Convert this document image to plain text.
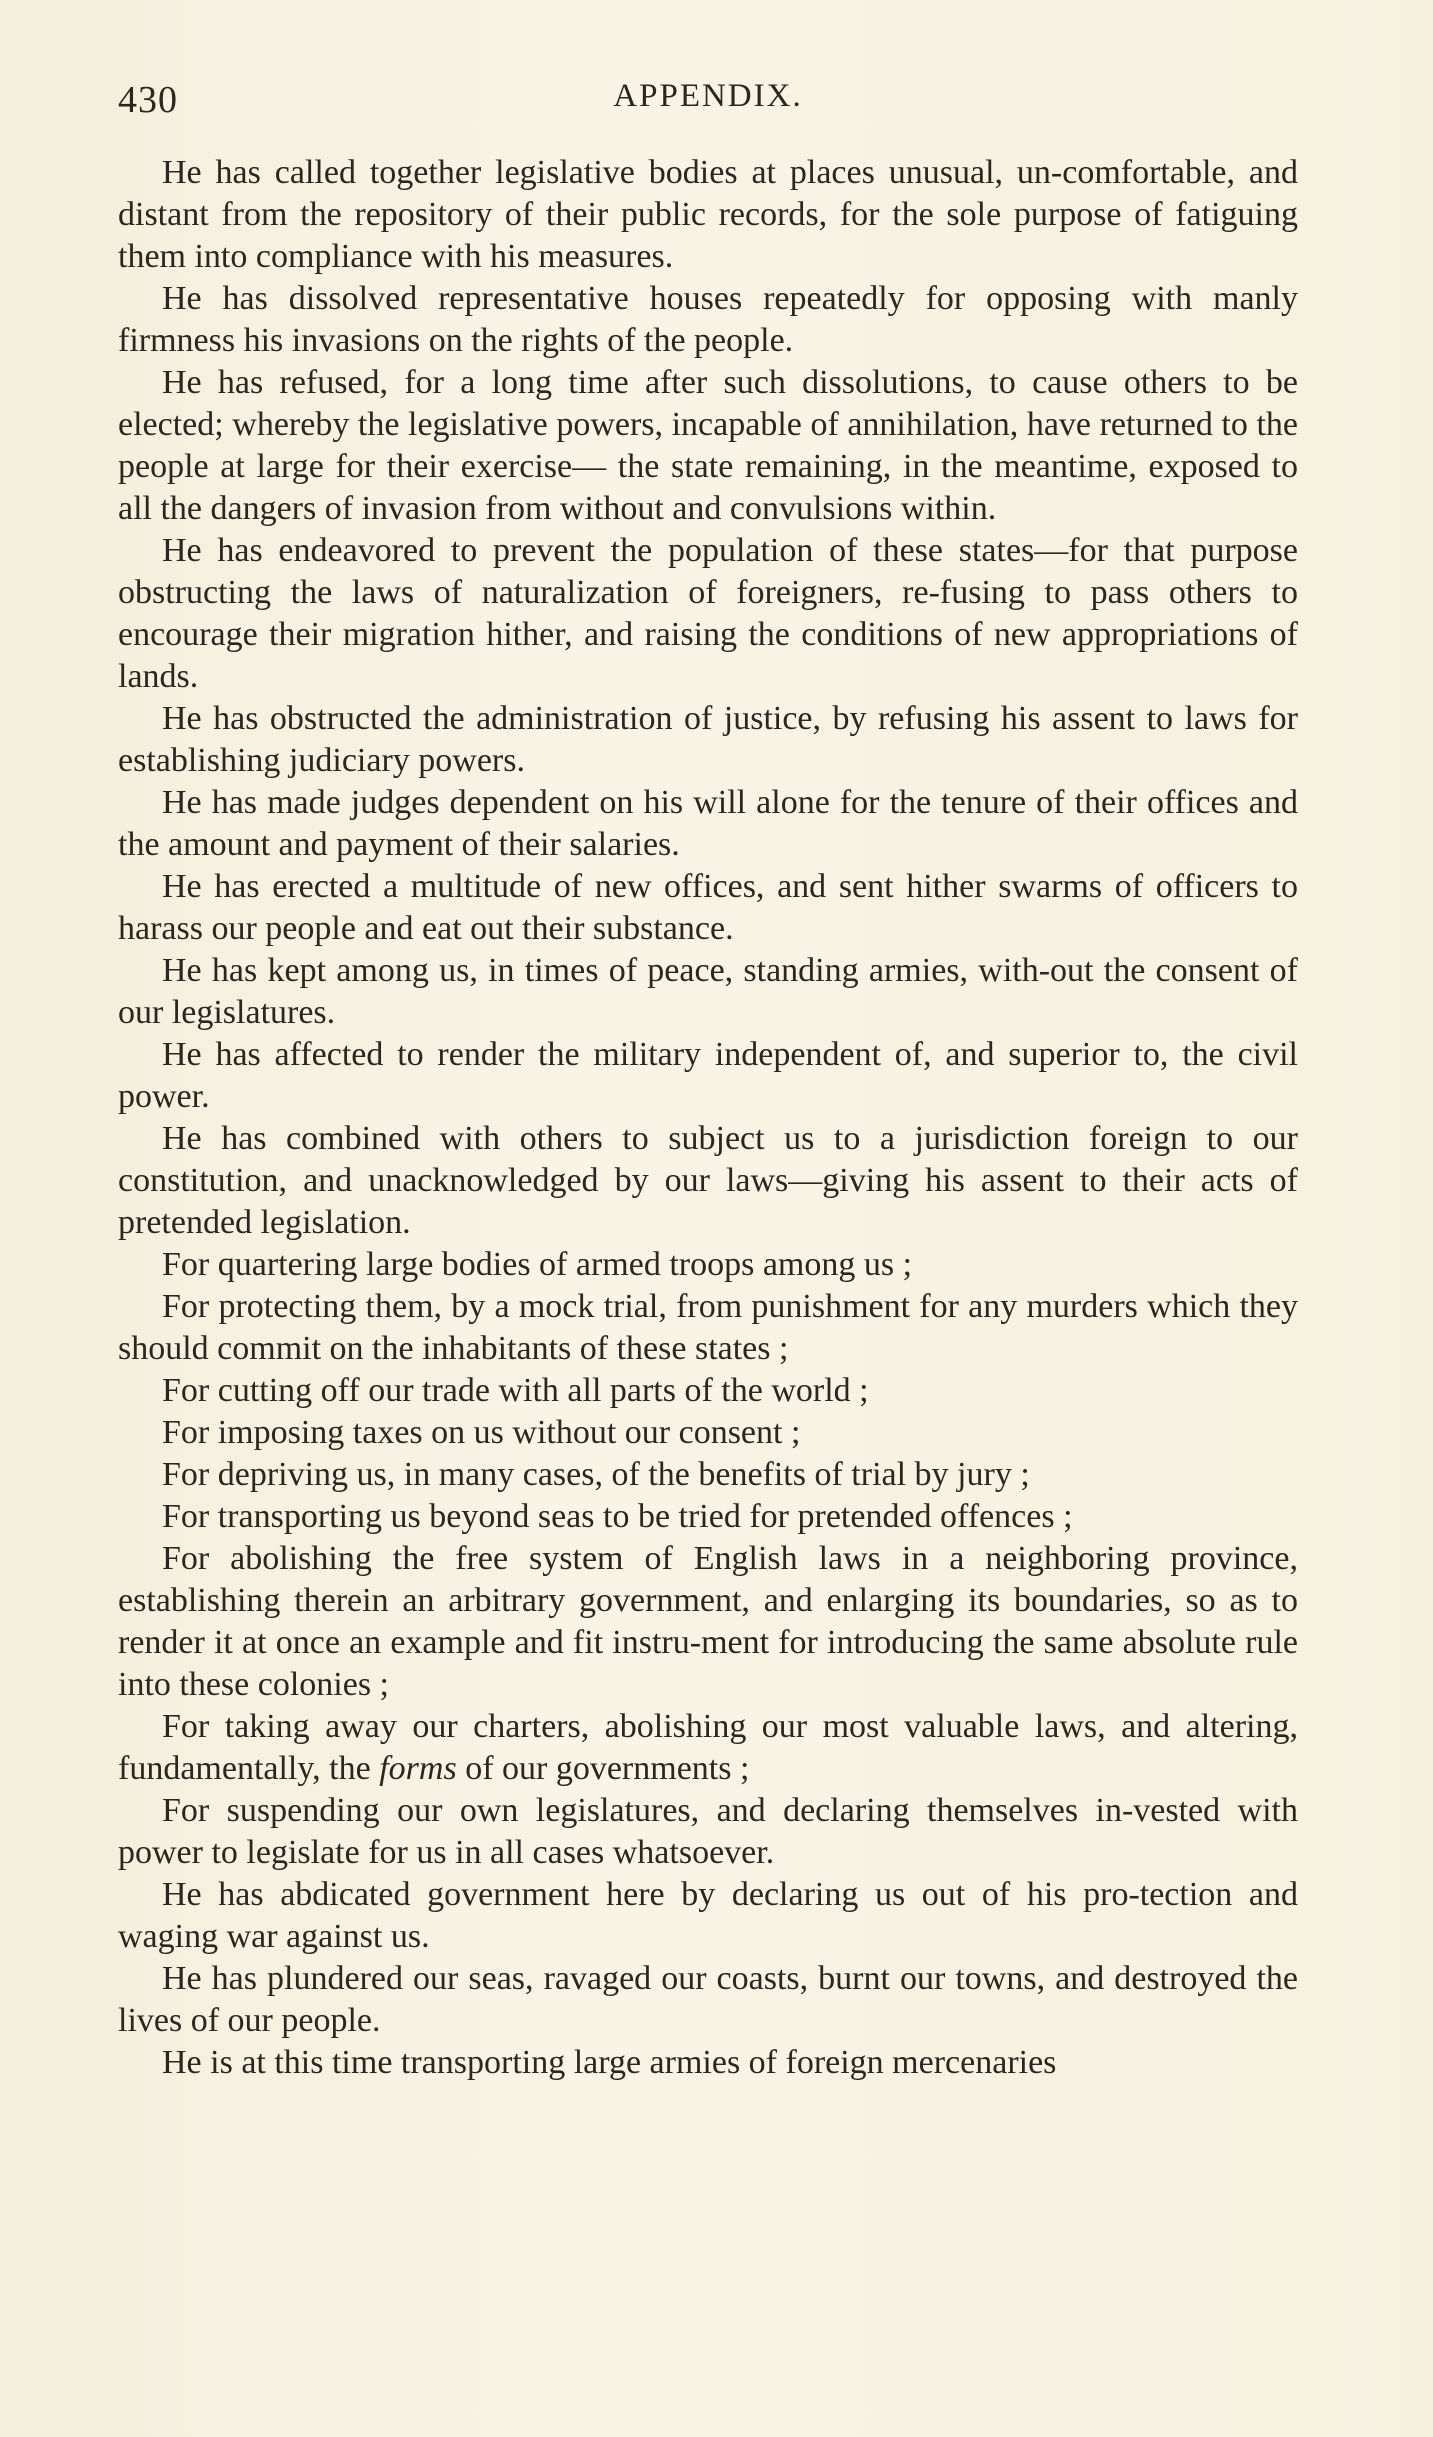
430	APPENDIX.

He has called together legislative bodies at places unusual, un-comfortable, and distant from the repository of their public records, for the sole purpose of fatiguing them into compliance with his measures.

He has dissolved representative houses repeatedly for opposing with manly firmness his invasions on the rights of the people.

He has refused, for a long time after such dissolutions, to cause others to be elected; whereby the legislative powers, incapable of annihilation, have returned to the people at large for their exercise— the state remaining, in the meantime, exposed to all the dangers of invasion from without and convulsions within.

He has endeavored to prevent the population of these states—for that purpose obstructing the laws of naturalization of foreigners, re-fusing to pass others to encourage their migration hither, and raising the conditions of new appropriations of lands.

He has obstructed the administration of justice, by refusing his assent to laws for establishing judiciary powers.

He has made judges dependent on his will alone for the tenure of their offices and the amount and payment of their salaries.

He has erected a multitude of new offices, and sent hither swarms of officers to harass our people and eat out their substance.

He has kept among us, in times of peace, standing armies, with-out the consent of our legislatures.

He has affected to render the military independent of, and superior to, the civil power.

He has combined with others to subject us to a jurisdiction foreign to our constitution, and unacknowledged by our laws—giving his assent to their acts of pretended legislation.

For quartering large bodies of armed troops among us ;

For protecting them, by a mock trial, from punishment for any murders which they should commit on the inhabitants of these states ;

For cutting off our trade with all parts of the world ;

For imposing taxes on us without our consent ;

For depriving us, in many cases, of the benefits of trial by jury ;

For transporting us beyond seas to be tried for pretended offences ;

For abolishing the free system of English laws in a neighboring province, establishing therein an arbitrary government, and enlarging its boundaries, so as to render it at once an example and fit instru-ment for introducing the same absolute rule into these colonies ;

For taking away our charters, abolishing our most valuable laws, and altering, fundamentally, the forms of our governments ;

For suspending our own legislatures, and declaring themselves in-vested with power to legislate for us in all cases whatsoever.

He has abdicated government here by declaring us out of his pro-tection and waging war against us.

He has plundered our seas, ravaged our coasts, burnt our towns, and destroyed the lives of our people.

He is at this time transporting large armies of foreign mercenaries
